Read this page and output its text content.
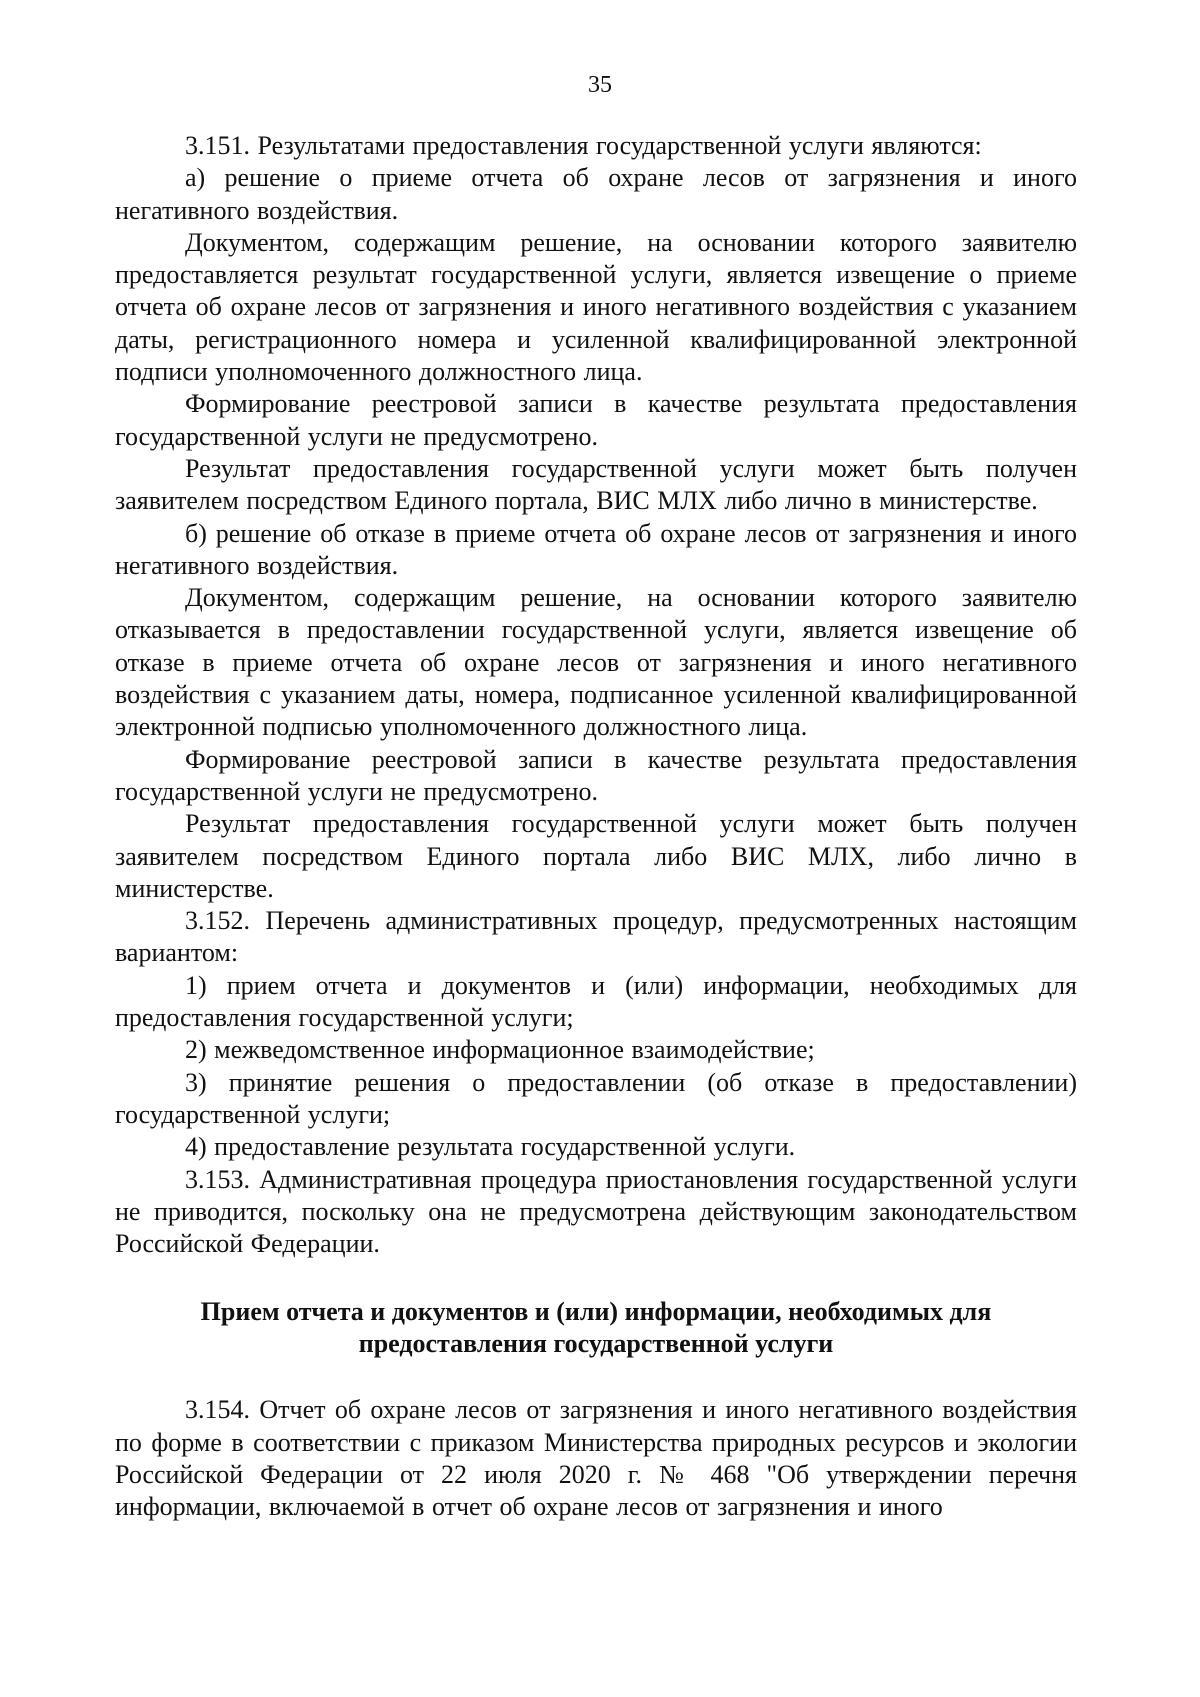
35

3.151. Результатами предоставления государственной услуги являются:

а) решение о приеме отчета об охране лесов от загрязнения и иного негативного воздействия.

Документом, содержащим решение, на основании которого заявителю предоставляется результат государственной услуги, является извещение о приеме отчета об охране лесов от загрязнения и иного негативного воздействия с указанием даты, регистрационного номера и усиленной квалифицированной электронной подписи уполномоченного должностного лица.

Формирование реестровой записи в качестве результата предоставления государственной услуги не предусмотрено.

Результат предоставления государственной услуги может быть получен заявителем посредством Единого портала, ВИС МЛХ либо лично в министерстве.

б) решение об отказе в приеме отчета об охране лесов от загрязнения и иного негативного воздействия.

Документом, содержащим решение, на основании которого заявителю отказывается в предоставлении государственной услуги, является извещение об отказе в приеме отчета об охране лесов от загрязнения и иного негативного воздействия с указанием даты, номера, подписанное усиленной квалифицированной электронной подписью уполномоченного должностного лица.

Формирование реестровой записи в качестве результата предоставления государственной услуги не предусмотрено.

Результат предоставления государственной услуги может быть получен заявителем посредством Единого портала либо ВИС МЛХ, либо лично в министерстве.

3.152. Перечень административных процедур, предусмотренных настоящим вариантом:

1) прием отчета и документов и (или) информации, необходимых для предоставления государственной услуги;

2) межведомственное информационное взаимодействие;

3) принятие решения о предоставлении (об отказе в предоставлении) государственной услуги;

4) предоставление результата государственной услуги.

3.153. Административная процедура приостановления государственной услуги не приводится, поскольку она не предусмотрена действующим законодательством Российской Федерации.

Прием отчета и документов и (или) информации, необходимых для
предоставления государственной услуги

3.154. Отчет об охране лесов от загрязнения и иного негативного воздействия по форме в соответствии с приказом Министерства природных ресурсов и экологии Российской Федерации от 22 июля 2020 г. № 468 "Об утверждении перечня информации, включаемой в отчет об охране лесов от загрязнения и иного
